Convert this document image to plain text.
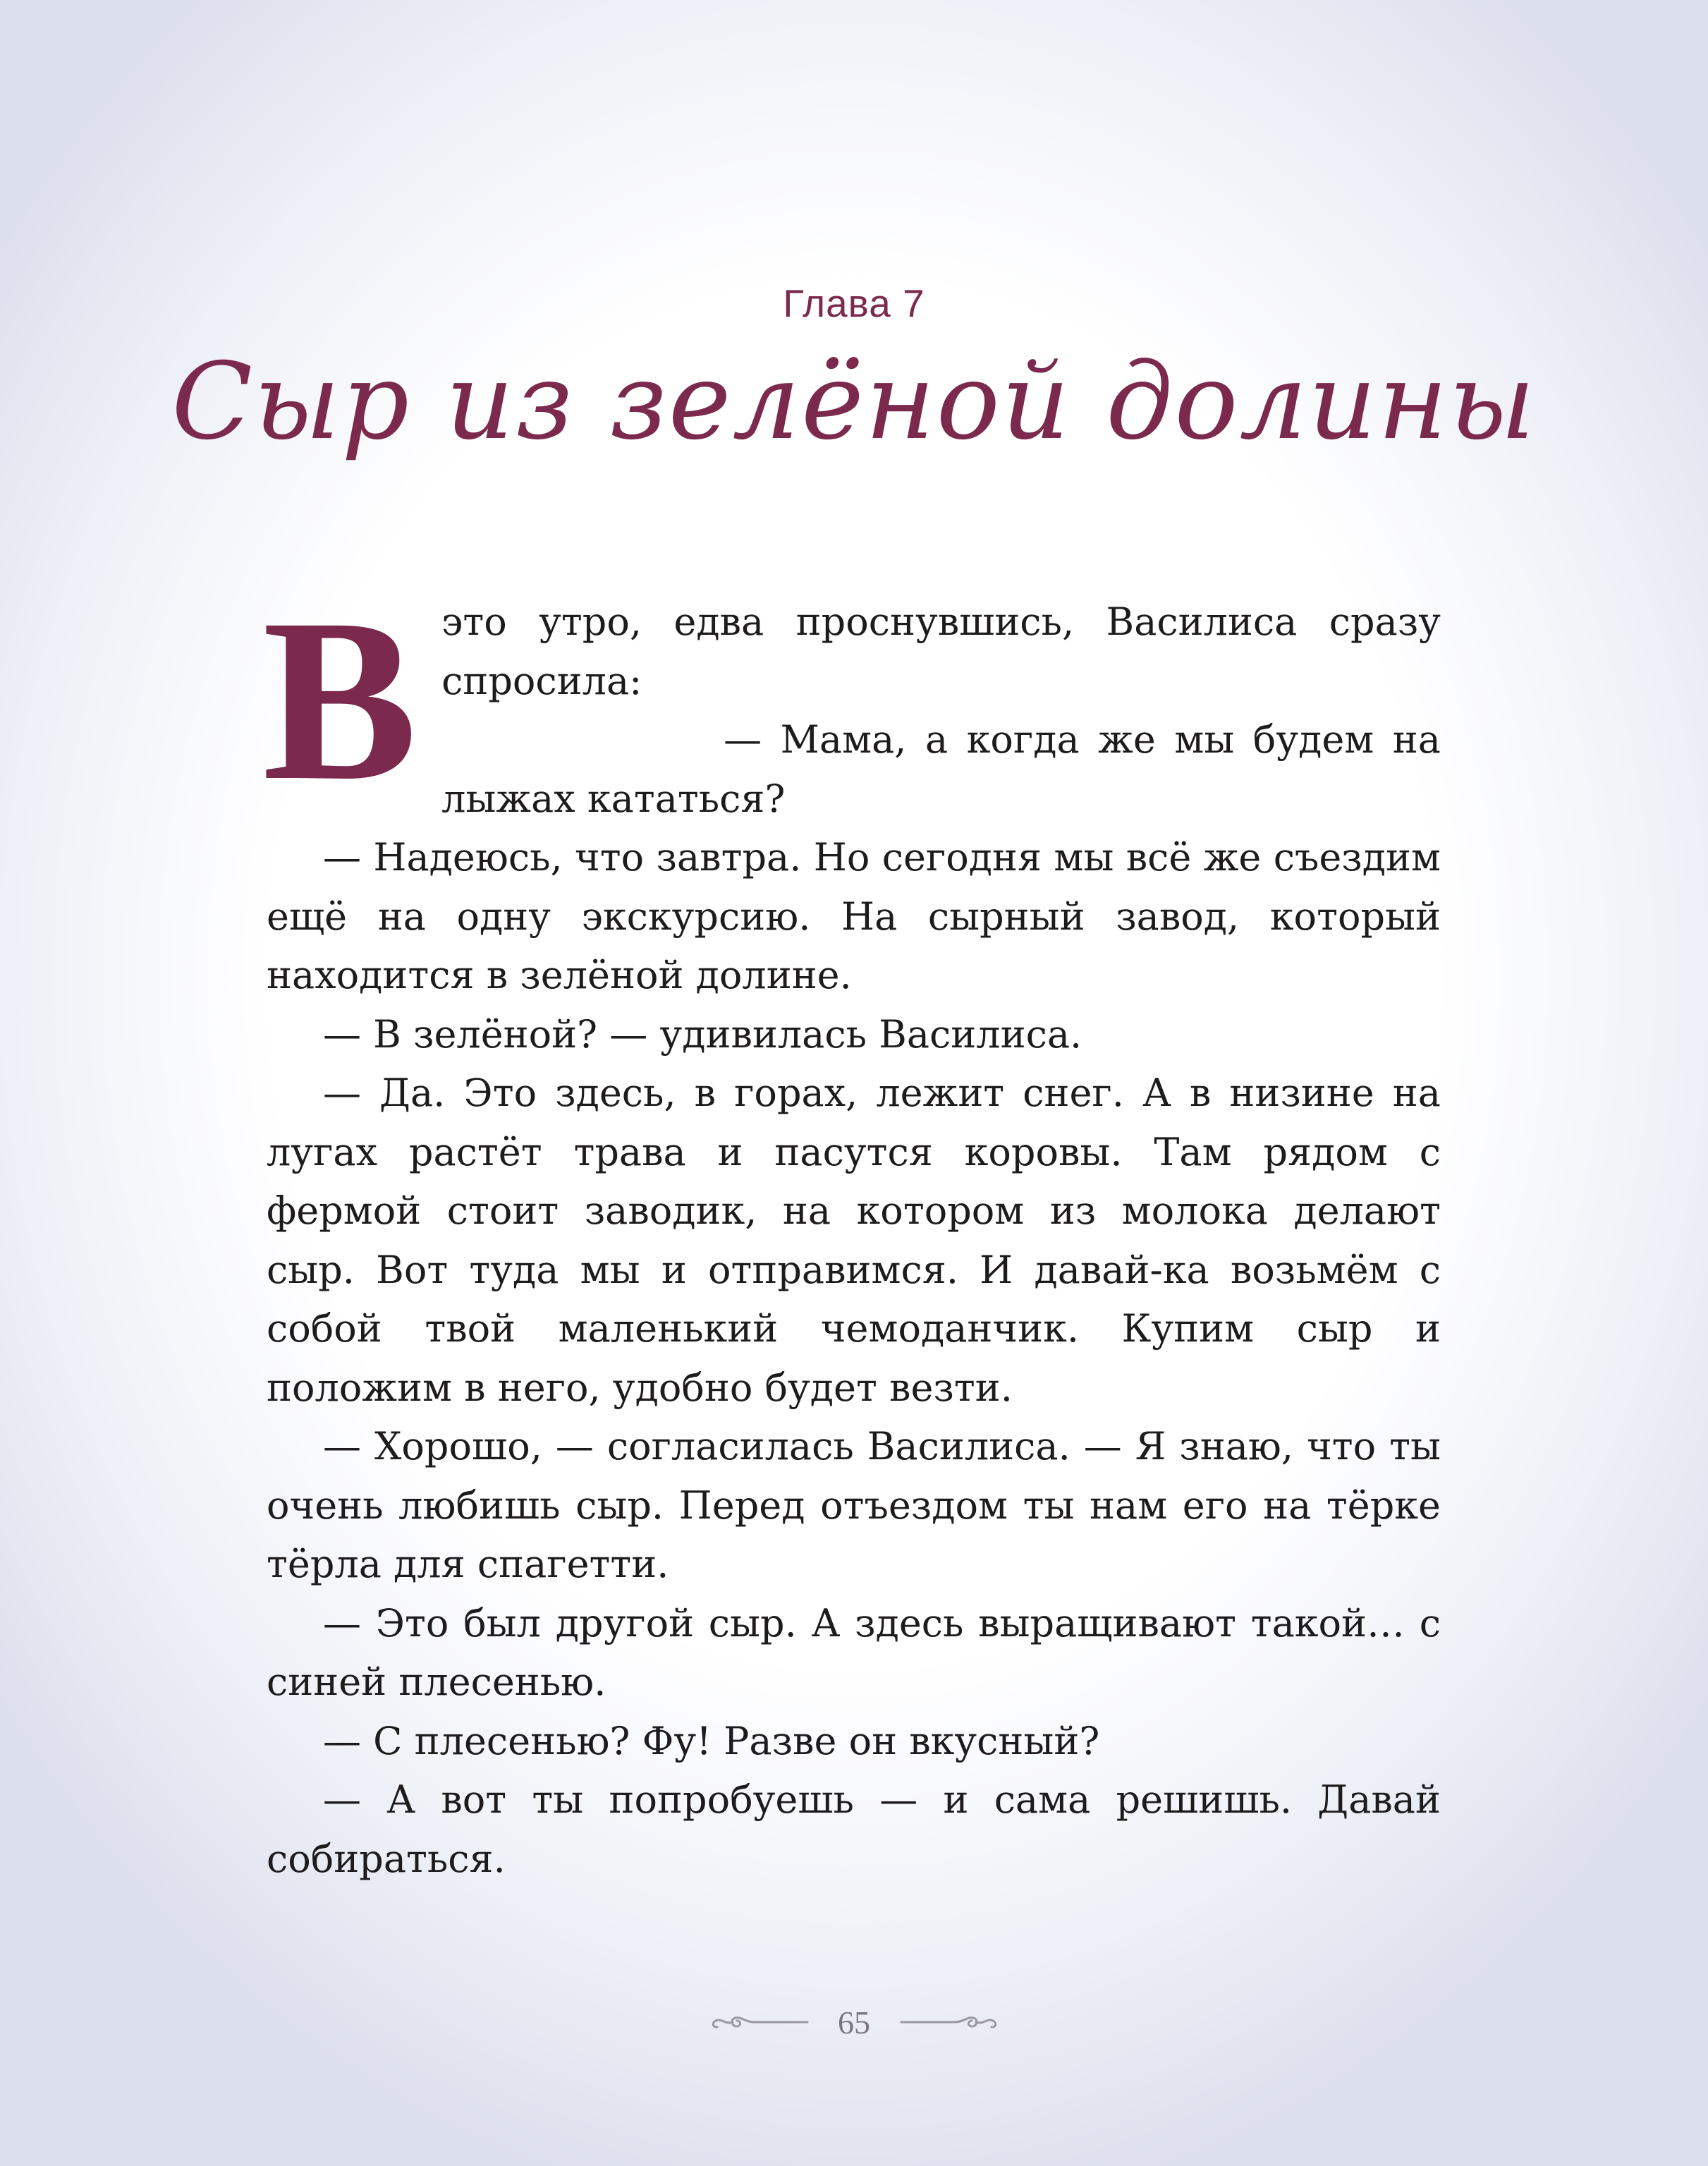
Глава 7
Сыр из зелёной долины

В это утро, едва проснувшись, Василиса сразу спросила:

— Мама, а когда же мы будем на лыжах кататься?

— Надеюсь, что завтра. Но сегодня мы всё же съездим ещё на одну экскурсию. На сырный завод, который находится в зелёной долине.

— В зелёной? — удивилась Василиса.

— Да. Это здесь, в горах, лежит снег. А в низине на лугах растёт трава и пасутся коровы. Там рядом с фермой стоит заводик, на котором из молока делают сыр. Вот туда мы и отправимся. И давай-ка возьмём с собой твой маленький чемоданчик. Купим сыр и положим в него, удобно будет везти.

— Хорошо, — согласилась Василиса. — Я знаю, что ты очень любишь сыр. Перед отъездом ты нам его на тёрке тёрла для спагетти.

— Это был другой сыр. А здесь выращивают такой… с синей плесенью.

— С плесенью? Фу! Разве он вкусный?

— А вот ты попробуешь — и сама решишь. Давай собираться.

65
